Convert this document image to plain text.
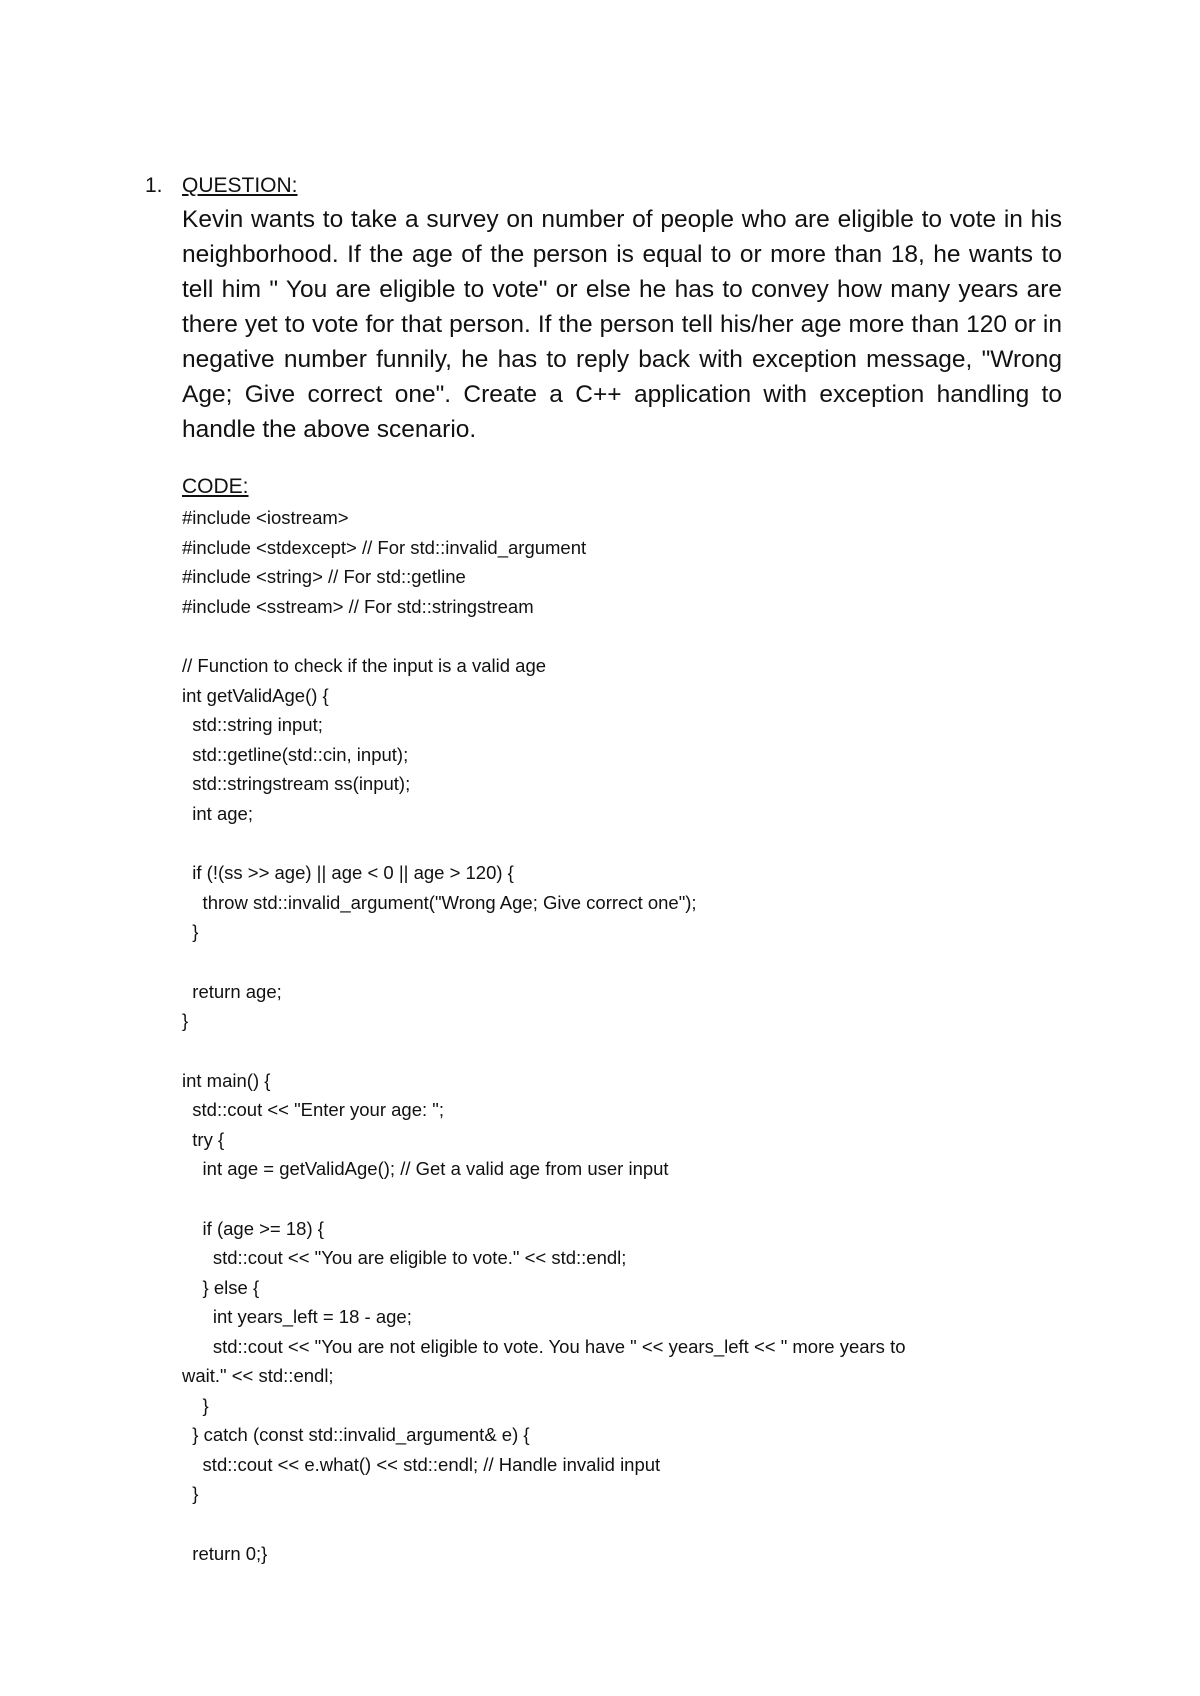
1. QUESTION:

Kevin wants to take a survey on number of people who are eligible to vote in his neighborhood. If the age of the person is equal to or more than 18, he wants to tell him " You are eligible to vote" or else he has to convey how many years are there yet to vote for that person. If the person tell his/her age more than 120 or in negative number funnily, he has to reply back with exception message, "Wrong Age; Give correct one". Create a C++ application with exception handling to handle the above scenario.

CODE:
#include <iostream>
#include <stdexcept> // For std::invalid_argument
#include <string> // For std::getline
#include <sstream> // For std::stringstream
// Function to check if the input is a valid age
int getValidAge() {
std::string input;
std::getline(std::cin, input);
std::stringstream ss(input);
int age;
if (!(ss >> age) || age < 0 || age > 120) {
throw std::invalid_argument("Wrong Age; Give correct one");
}
return age;
}
int main() {
std::cout << "Enter your age: ";
try {
int age = getValidAge(); // Get a valid age from user input
if (age >= 18) {
std::cout << "You are eligible to vote." << std::endl;
} else {
int years_left = 18 - age;
std::cout << "You are not eligible to vote. You have " << years_left << " more years to
wait." << std::endl;
}
} catch (const std::invalid_argument& e) {
std::cout << e.what() << std::endl; // Handle invalid input
}
return 0;}
